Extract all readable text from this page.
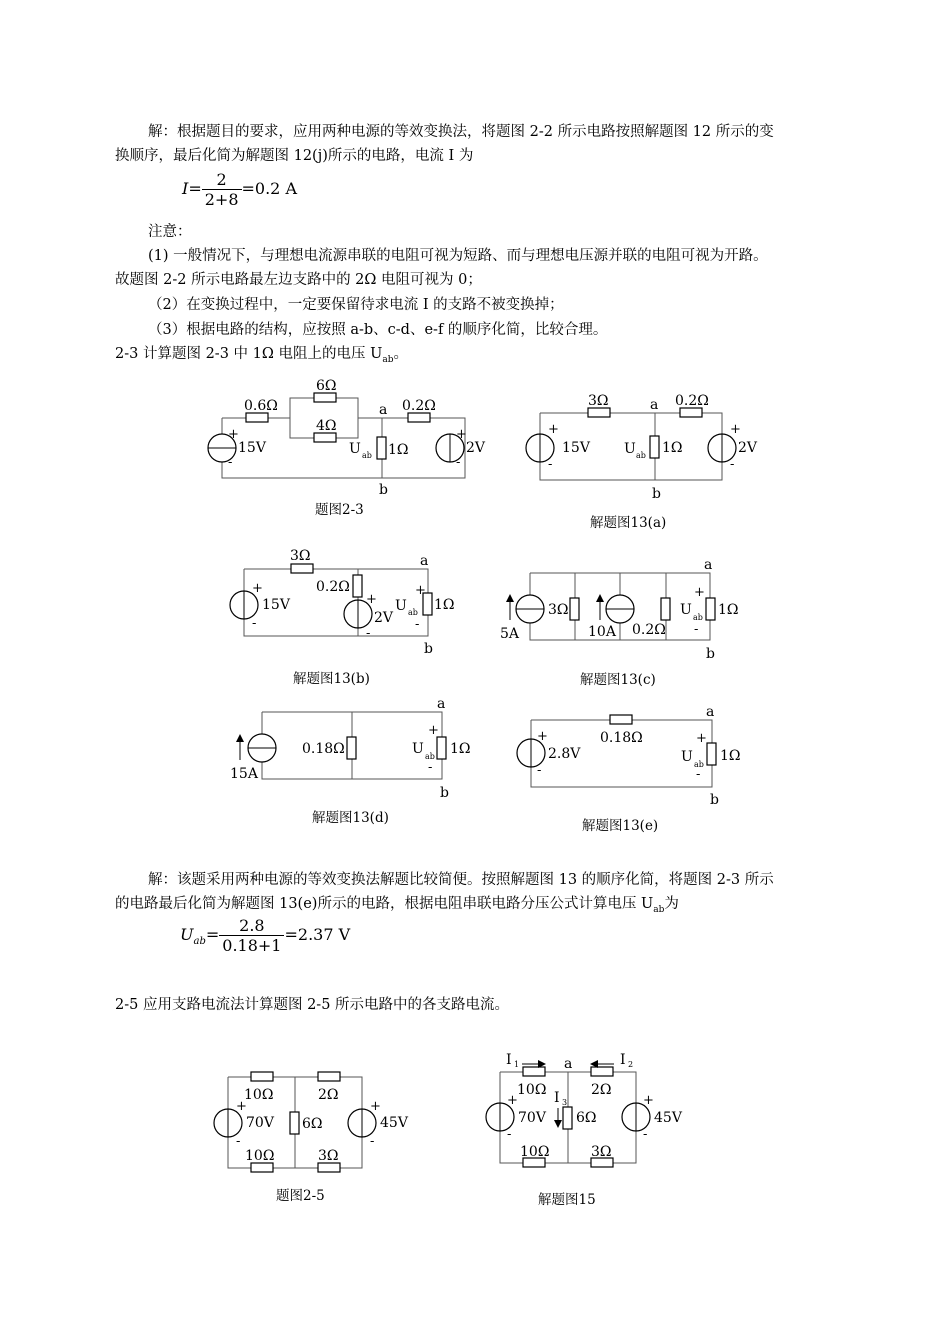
解：根据题目的要求，应用两种电源的等效变换法，将题图 2-2 所示电路按照解题图 12 所示的变
换顺序，最后化简为解题图 12(j)所示的电路，电流 I 为
$I= \frac{2}{2+8} =0.2$ A
注意：
(1) 一般情况下，与理想电流源串联的电阻可视为短路、而与理想电压源并联的电阻可视为开路。
故题图 2-2 所示电路最左边支路中的 2Ω 电阻可视为 0；
（2）在变换过程中，一定要保留待求电流 I 的支路不被变换掉；
（3）根据电路的结构，应按照 a-b、c-d、e-f 的顺序化简，比较合理。
2-3 计算题图 2-3 中 1Ω 电阻上的电压 $U_{ab}$。
解：该题采用两种电源的等效变换法解题比较简便。按照解题图 13 的顺序化简，将题图 2-3 所示
的电路最后化简为解题图 13(e)所示的电路，根据电阻串联电路分压公式计算电压 $U_{ab}$为
$U_{ab}= \frac{2.8}{0.18+1} =2.37$ V
2-5 应用支路电流法计算题图 2-5 所示电路中的各支路电流。
0.6Ω
6Ω
4Ω
0.2Ω
1Ω
a
b
15V	2V
U ab
+
-
+
-
题图2-3
3Ω	0.2Ω
1Ω
a
b
15V	2V
U ab
+
-
+
-
解题图13(a)
3Ω
0.2Ω
1Ω
a
b
15V
2V
U ab
+
-
+
-
+
-
解题图13(b)
3Ω
0.2Ω
1Ω
a
b
5A	10A
U ab
+
-
解题图13(c)
0.18Ω	1Ω
a
b
15A
U ab
+
-
解题图13(d)
0.18Ω
1Ω
a
b
2.8V	U ab
+
-
+
-
解题图13(e)
10Ω	2Ω
6Ω
10Ω	3Ω
70V	45V
+
-
+
-
题图2-5
10Ω	2Ω
6Ω
10Ω	3Ω
70V	45V
a
I 1	I 2
I 3
+
-
+
-
解题图15
